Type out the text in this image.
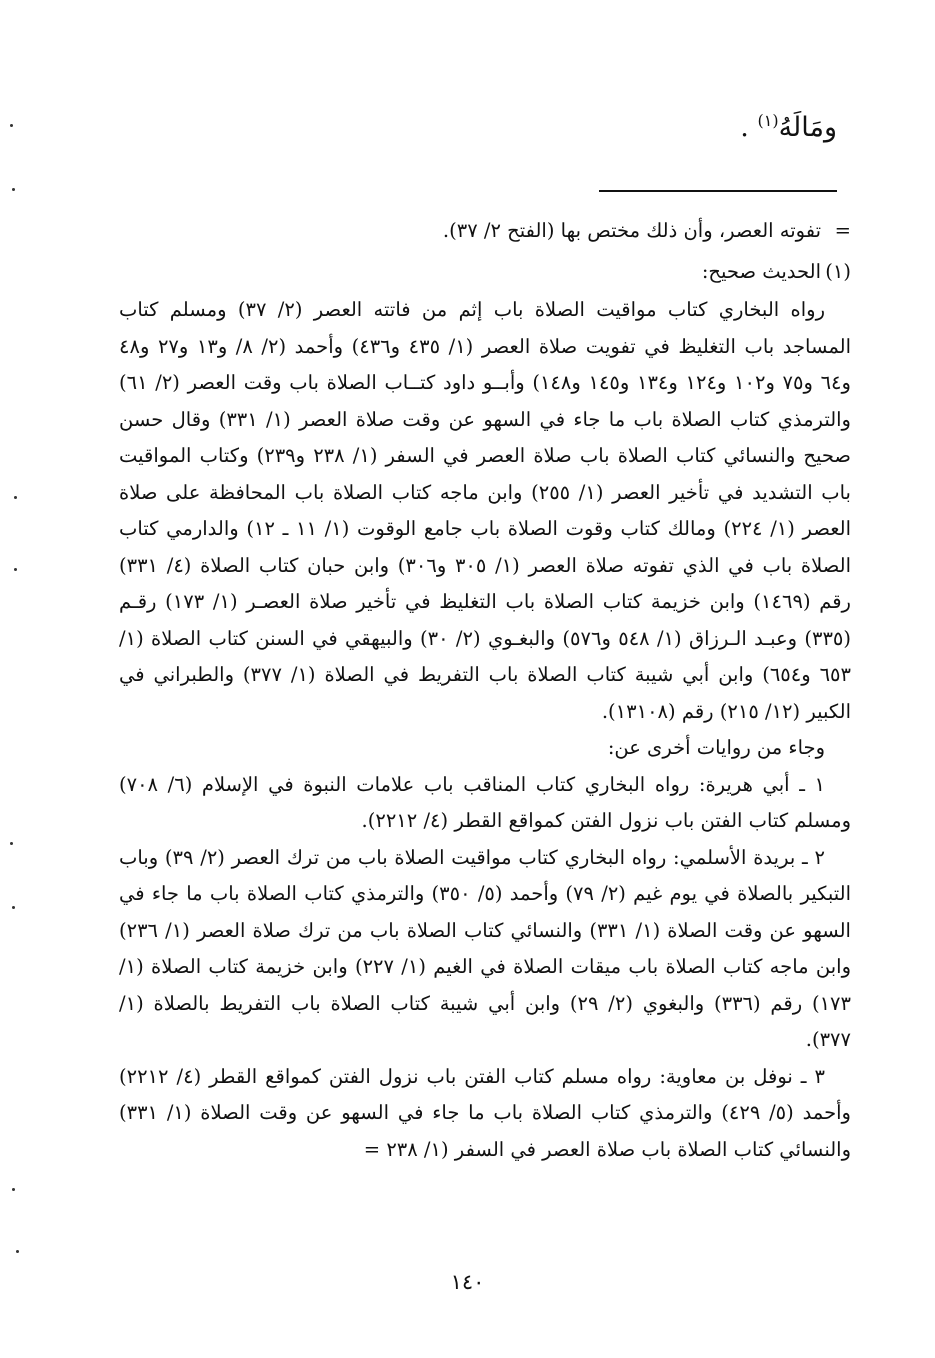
ومَالَهُ$^{(١)}$ .
=تفوته العصر، وأن ذلك مختص بها (الفتح ٢/ ٣٧).
(١)الحديث صحيح:

رواه البخاري كتاب مواقيت الصلاة باب إثم من فاتته العصر (٢/ ٣٧) ومسلم كتاب المساجد باب التغليظ في تفويت صلاة العصر (١/ ٤٣٥ و٤٣٦) وأحمد (٢/ ٨/ و١٣ و٢٧ و٤٨ و٦٤ و٧٥ و١٠٢ و١٢٤ و١٣٤ و١٤٥ و١٤٨) وأبــو داود كتــاب الصلاة باب وقت العصر (٢/ ٦١) والترمذي كتاب الصلاة باب ما جاء في السهو عن وقت صلاة العصر (١/ ٣٣١) وقال حسن صحيح والنسائي كتاب الصلاة باب صلاة العصر في السفر (١/ ٢٣٨ و٢٣٩) وكتاب المواقيت باب التشديد في تأخير العصر (١/ ٢٥٥) وابن ماجه كتاب الصلاة باب المحافظة على صلاة العصر (١/ ٢٢٤) ومالك كتاب وقوت الصلاة باب جامع الوقوت (١/ ١١ ـ ١٢) والدارمي كتاب الصلاة باب في الذي تفوته صلاة العصر (١/ ٣٠٥ و٣٠٦) وابن حبان كتاب الصلاة (٤/ ٣٣١) رقم (١٤٦٩) وابن خزيمة كتاب الصلاة باب التغليظ في تأخير صلاة العصـر (١/ ١٧٣) رقـم (٣٣٥) وعبـد الـرزاق (١/ ٥٤٨ و٥٧٦) والبغـوي (٢/ ٣٠) والبيهقي في السنن كتاب الصلاة (١/ ٦٥٣ و٦٥٤) وابن أبي شيبة كتاب الصلاة باب التفريط في الصلاة (١/ ٣٧٧) والطبراني في الكبير (١٢/ ٢١٥) رقم (١٣١٠٨).

وجاء من روايات أخرى عن:

١ ـ أبي هريرة: رواه البخاري كتاب المناقب باب علامات النبوة في الإسلام (٦/ ٧٠٨) ومسلم كتاب الفتن باب نزول الفتن كمواقع القطر (٤/ ٢٢١٢).

٢ ـ بريدة الأسلمي: رواه البخاري كتاب مواقيت الصلاة باب من ترك العصر (٢/ ٣٩) وباب التبكير بالصلاة في يوم غيم (٢/ ٧٩) وأحمد (٥/ ٣٥٠) والترمذي كتاب الصلاة باب ما جاء في السهو عن وقت الصلاة (١/ ٣٣١) والنسائي كتاب الصلاة باب من ترك صلاة العصر (١/ ٢٣٦) وابن ماجه كتاب الصلاة باب ميقات الصلاة في الغيم (١/ ٢٢٧) وابن خزيمة كتاب الصلاة (١/ ١٧٣) رقم (٣٣٦) والبغوي (٢/ ٢٩) وابن أبي شيبة كتاب الصلاة باب التفريط بالصلاة (١/ ٣٧٧).

٣ ـ نوفل بن معاوية: رواه مسلم كتاب الفتن باب نزول الفتن كمواقع القطر (٤/ ٢٢١٢) وأحمد (٥/ ٤٢٩) والترمذي كتاب الصلاة باب ما جاء في السهو عن وقت الصلاة (١/ ٣٣١) والنسائي كتاب الصلاة باب صلاة العصر في السفر (١/ ٢٣٨ =

١٤٠
